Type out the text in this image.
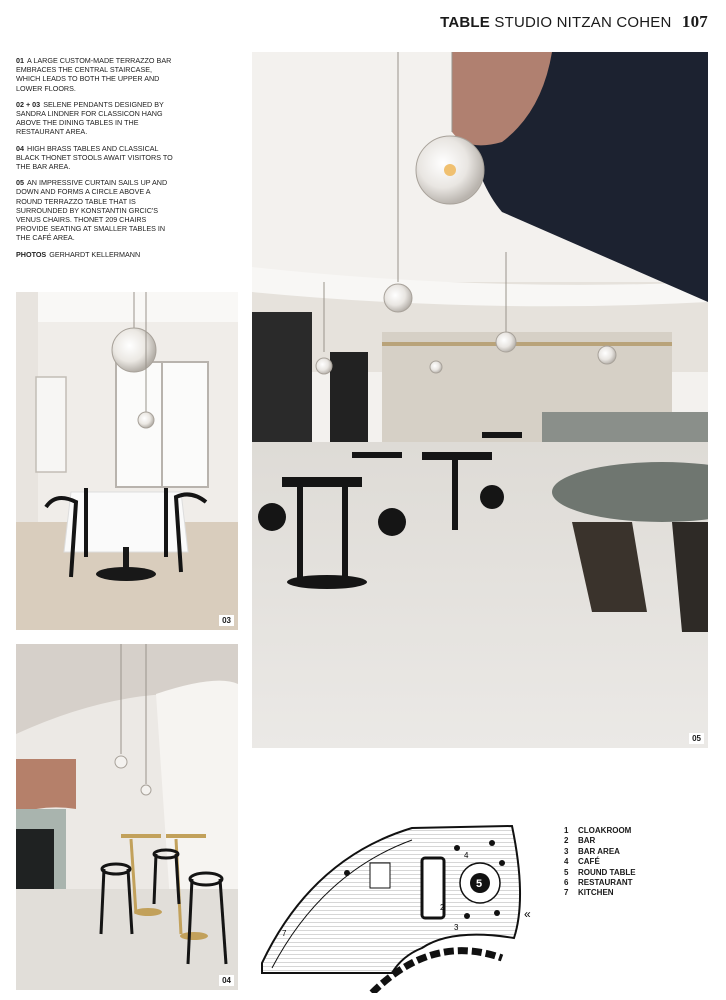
TABLE STUDIO NITZAN COHEN 107

01 A LARGE CUSTOM-MADE TERRAZZO BAR EMBRACES THE CENTRAL STAIRCASE, WHICH LEADS TO BOTH THE UPPER AND LOWER FLOORS.

02 + 03 SELENE PENDANTS DESIGNED BY SANDRA LINDNER FOR CLASSICON HANG ABOVE THE DINING TABLES IN THE RESTAURANT AREA.

04 HIGH BRASS TABLES AND CLASSICAL BLACK THONET STOOLS AWAIT VISITORS TO THE BAR AREA.

05 AN IMPRESSIVE CURTAIN SAILS UP AND DOWN AND FORMS A CIRCLE ABOVE A ROUND TERRAZZO TABLE THAT IS SURROUNDED BY KONSTANTIN GRCIC'S VENUS CHAIRS. THONET 209 CHAIRS PROVIDE SEATING AT SMALLER TABLES IN THE CAFÉ AREA.

PHOTOS GERHARDT KELLERMANN

05
03
04
5
2
3
4
7
«
1	CLOAKROOM
2	BAR
3	BAR AREA
4	CAFÉ
5	ROUND TABLE
6	RESTAURANT
7	KITCHEN
